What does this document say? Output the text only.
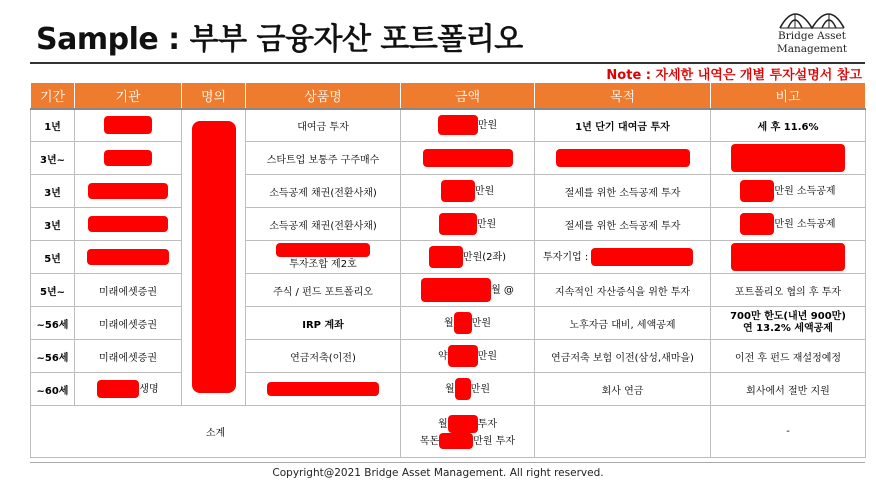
Sample : 부부 금융자산 포트폴리오	Bridge Asset
Management
Note : 자세한 내역은 개별 투자설명서 참고
기간	기관	명의	상품명	금액	목적	비고
1년			대여금 투자	만원	1년 단기 대여금 투자	세 후 11.6%
3년~			스타트업 보통주 구주매수			
3년			소득공제 채권(전환사채)	만원	절세를 위한 소득공제 투자	만원 소득공제
3년			소득공제 채권(전환사채)	만원	절세를 위한 소득공제 투자	만원 소득공제
5년			투자조합 제2호	만원(2좌)	투자기업 :	
5년~	미래에셋증권		주식 / 펀드 포트폴리오	월 @	지속적인 자산증식을 위한 투자	포트폴리오 협의 후 투자
~56세	미래에셋증권		IRP 계좌	월 만원	노후자금 대비, 세액공제	700만 한도(내년 900만)
연 13.2% 세액공제

~56세	미래에셋증권		연금저축(이전)	약 만원	연금저축 보험 이전(삼성,새마을)	이전 후 펀드 재설정예정
~60세	생명			월 만원	회사 연금	회사에서 절반 지원
소계				월 투자
목돈 만원 투자		-
Copyright@2021 Bridge Asset Management. All right reserved.
